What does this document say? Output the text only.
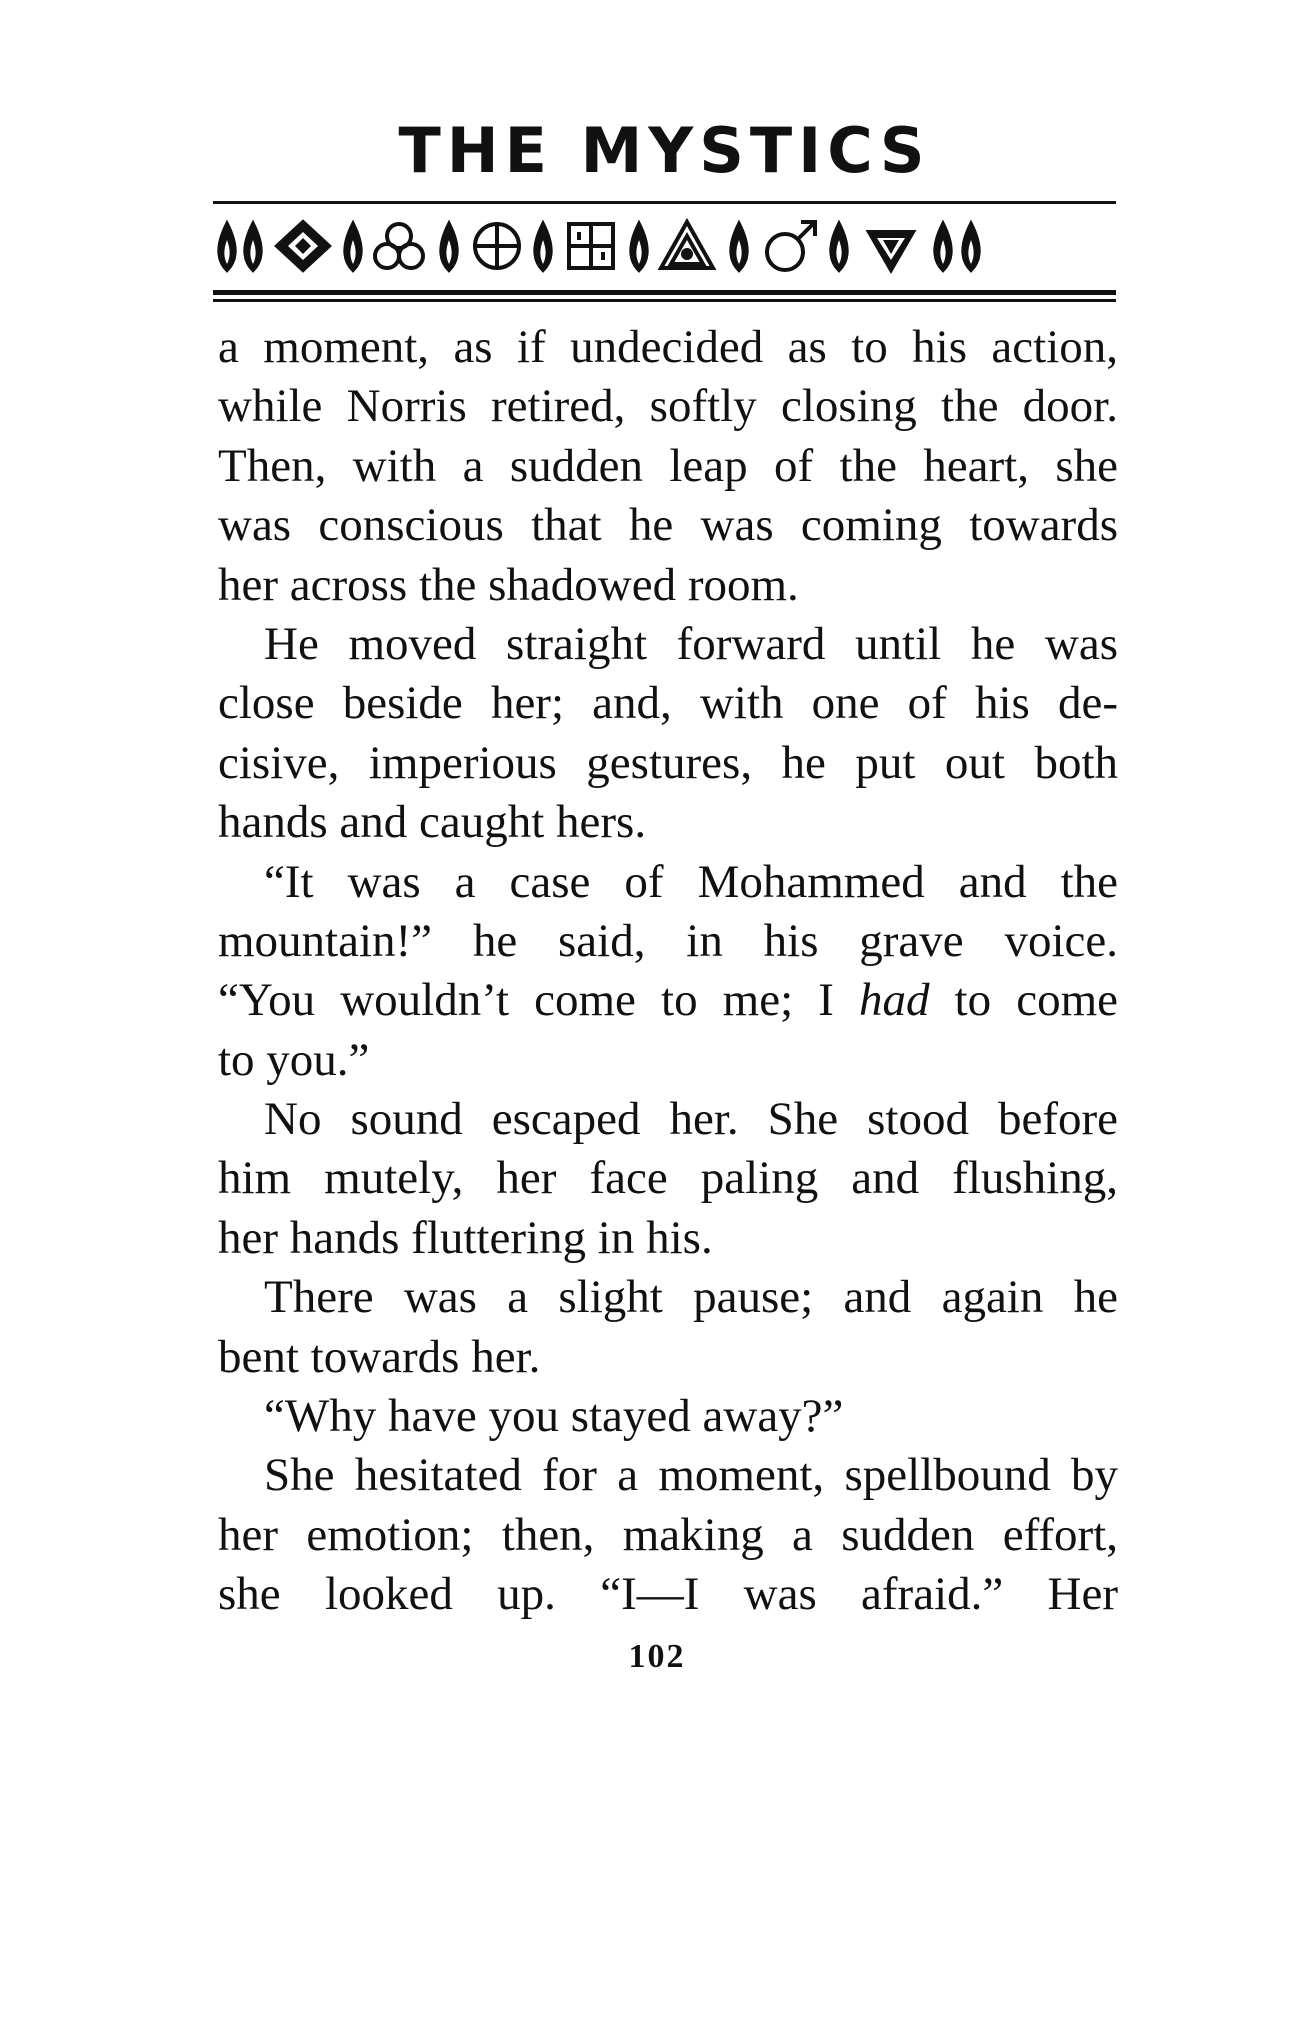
THE MYSTICS
a moment, as if undecided as to his action,
while Norris retired, softly closing the door.
Then, with a sudden leap of the heart, she
was conscious that he was coming towards
her across the shadowed room.
He moved straight forward until he was
close beside her; and, with one of his de-
cisive, imperious gestures, he put out both
hands and caught hers.
“It was a case of Mohammed and the
mountain!” he said, in his grave voice.
“You wouldn’t come to me; I had to come
to you.”
No sound escaped her. She stood before
him mutely, her face paling and flushing,
her hands fluttering in his.
There was a slight pause; and again he
bent towards her.
“Why have you stayed away?”
She hesitated for a moment, spellbound by
her emotion; then, making a sudden effort,
she looked up. “I—I was afraid.” Her
102
